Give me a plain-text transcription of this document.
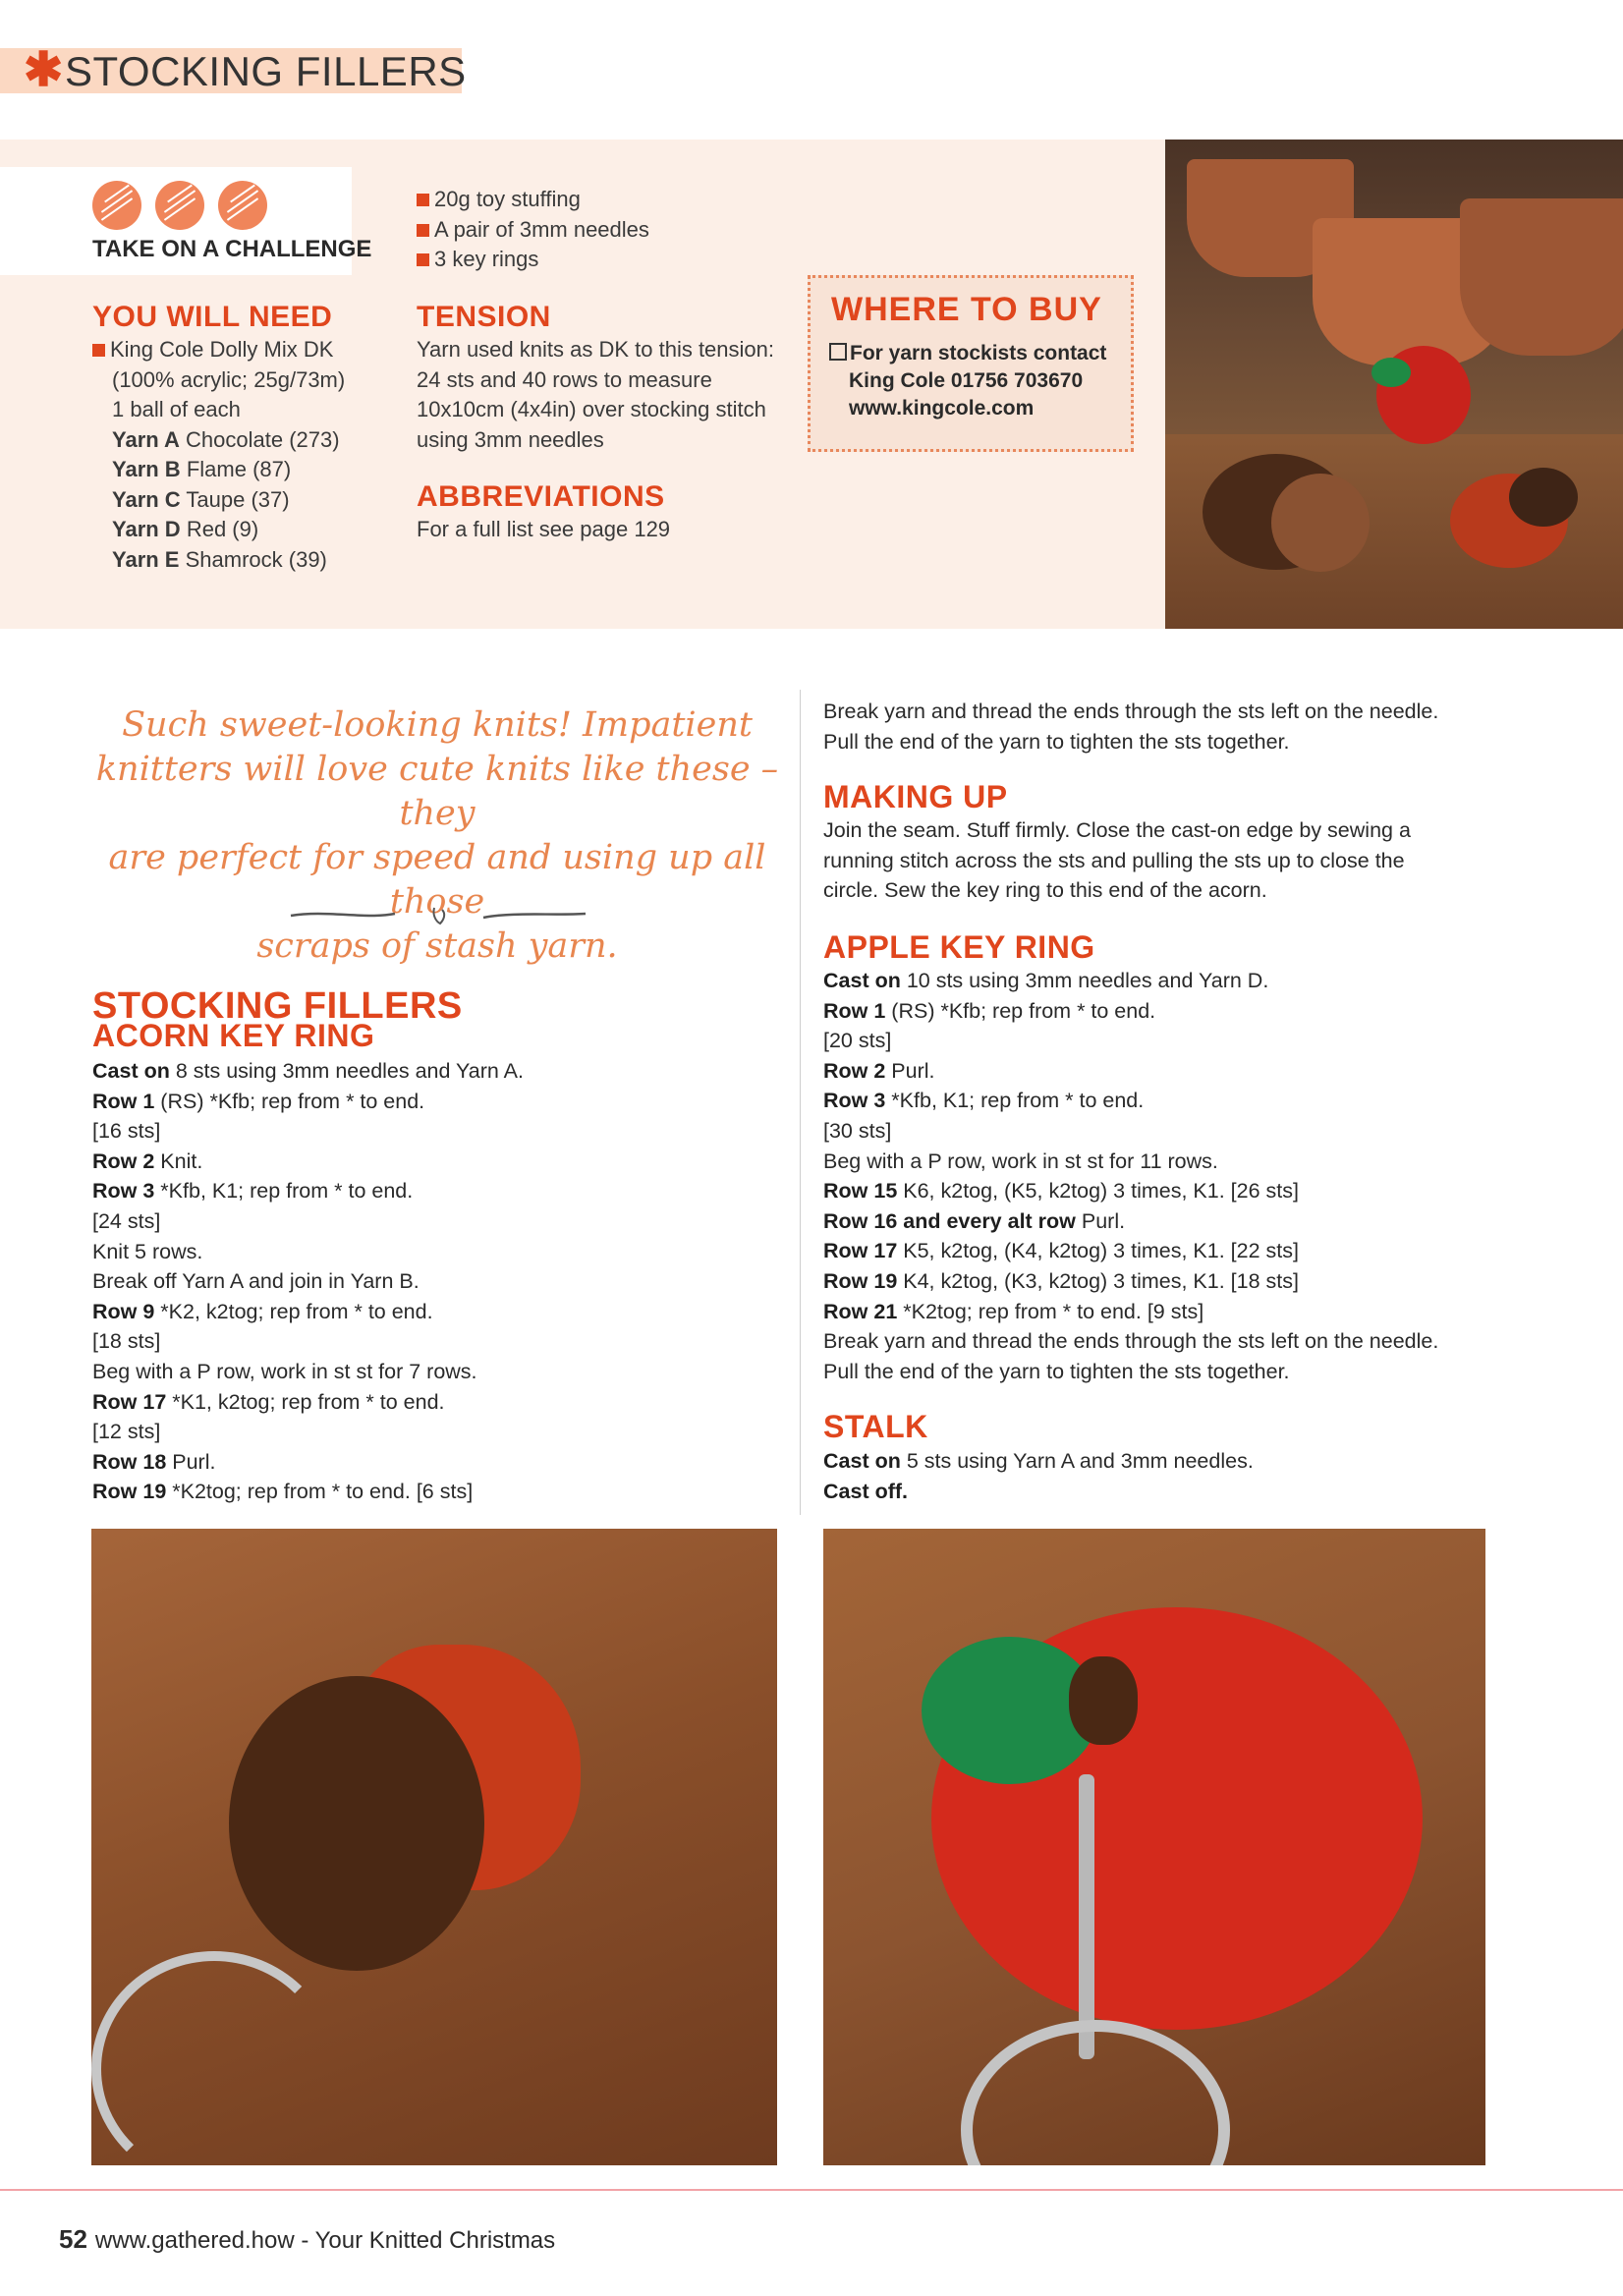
✱ STOCKING FILLERS
TAKE ON A CHALLENGE
YOU WILL NEED
King Cole Dolly Mix DK
(100% acrylic; 25g/73m)
1 ball of each
Yarn A Chocolate (273)
Yarn B Flame (87)
Yarn C Taupe (37)
Yarn D Red (9)
Yarn E Shamrock (39)
20g toy stuffing
A pair of 3mm needles
3 key rings
TENSION
Yarn used knits as DK to this tension:
24 sts and 40 rows to measure
10x10cm (4x4in) over stocking stitch
using 3mm needles
ABBREVIATIONS
For a full list see page 129
WHERE TO BUY
For yarn stockists contact
King Cole 01756 703670
www.kingcole.com
Such sweet-looking knits! Impatient
knitters will love cute knits like these – they
are perfect for speed and using up all those
scraps of stash yarn.
STOCKING FILLERS
ACORN KEY RING
Cast on 8 sts using 3mm needles and Yarn A.
Row 1 (RS) *Kfb; rep from * to end.
[16 sts]
Row 2 Knit.
Row 3 *Kfb, K1; rep from * to end.
[24 sts]
Knit 5 rows.
Break off Yarn A and join in Yarn B.
Row 9 *K2, k2tog; rep from * to end.
[18 sts]
Beg with a P row, work in st st for 7 rows.
Row 17 *K1, k2tog; rep from * to end.
[12 sts]
Row 18 Purl.
Row 19 *K2tog; rep from * to end. [6 sts]
Break yarn and thread the ends through the sts left on the needle.
Pull the end of the yarn to tighten the sts together.
MAKING UP
Join the seam. Stuff firmly. Close the cast-on edge by sewing a
running stitch across the sts and pulling the sts up to close the
circle. Sew the key ring to this end of the acorn.
APPLE KEY RING
Cast on 10 sts using 3mm needles and Yarn D.
Row 1 (RS) *Kfb; rep from * to end.
[20 sts]
Row 2 Purl.
Row 3 *Kfb, K1; rep from * to end.
[30 sts]
Beg with a P row, work in st st for 11 rows.
Row 15 K6, k2tog, (K5, k2tog) 3 times, K1. [26 sts]
Row 16 and every alt row Purl.
Row 17 K5, k2tog, (K4, k2tog) 3 times, K1. [22 sts]
Row 19 K4, k2tog, (K3, k2tog) 3 times, K1. [18 sts]
Row 21 *K2tog; rep from * to end. [9 sts]
Break yarn and thread the ends through the sts left on the needle.
Pull the end of the yarn to tighten the sts together.
STALK
Cast on 5 sts using Yarn A and 3mm needles.
Cast off.
52 www.gathered.how - Your Knitted Christmas
